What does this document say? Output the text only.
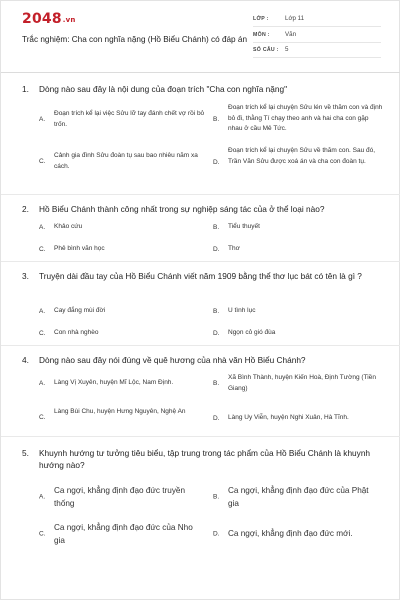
2048.vn
Trắc nghiệm: Cha con nghĩa nặng (Hồ Biểu Chánh) có đáp án
LỚP :	Lớp 11
MÔN : Văn
SỐ CÂU : 5
1. Dòng nào sau đây là nội dung của đoạn trích "Cha con nghĩa nặng"
A.
Đoạn trích kể lại việc Sửu lỡ tay đánh chết vợ rồi bỏ trốn.
B.
Đoạn trích kể lại chuyện Sửu lén về thăm con và định bỏ đi, thằng Tí chạy theo anh và hai cha con gặp nhau ở cầu Mê Tức.
C.
Cảnh gia đình Sửu đoàn tụ sau bao nhiêu năm xa cách.
D.
Đoạn trích kể lại chuyện Sửu về thăm con. Sau đó, Trần Văn Sửu được xoá án và cha con đoàn tụ.
2. Hồ Biểu Chánh thành công nhất trong sự nghiệp sáng tác của ở thể loại nào?
A. Khảo cứu	B. Tiểu thuyết
C. Phê bình văn học	D. Thơ
3. Truyện dài đầu tay của Hồ Biểu Chánh viết năm 1909 bằng thể thơ lục bát có tên là gì ?
A. Cay đắng mùi đời	B. U tình lục
C. Con nhà nghèo	D. Ngọn cỏ gió đùa
4. Dòng nào sau đây nói đúng về quê hương của nhà văn Hồ Biểu Chánh?
A. Làng Vị Xuyên, huyện Mĩ Lộc, Nam Định.	B.
Xã Bình Thành, huyện Kiến Hoà, Định Tường (Tiền Giang)
C.
Làng Bùi Chu, huyện Hưng Nguyên, Nghệ An
D. Làng Uy Viễn, huyện Nghi Xuân, Hà Tĩnh.
5. Khuynh hướng tư tưởng tiêu biểu, tập trung trong tác phẩm của Hồ Biểu Chánh là khuynh hướng nào?
A.
Ca ngợi, khẳng định đạo đức truyền thống
B.
Ca ngợi, khẳng định đạo đức của Phật gia
C.
Ca ngợi, khẳng định đạo đức của Nho gia
D. Ca ngợi, khẳng định đạo đức mới.
